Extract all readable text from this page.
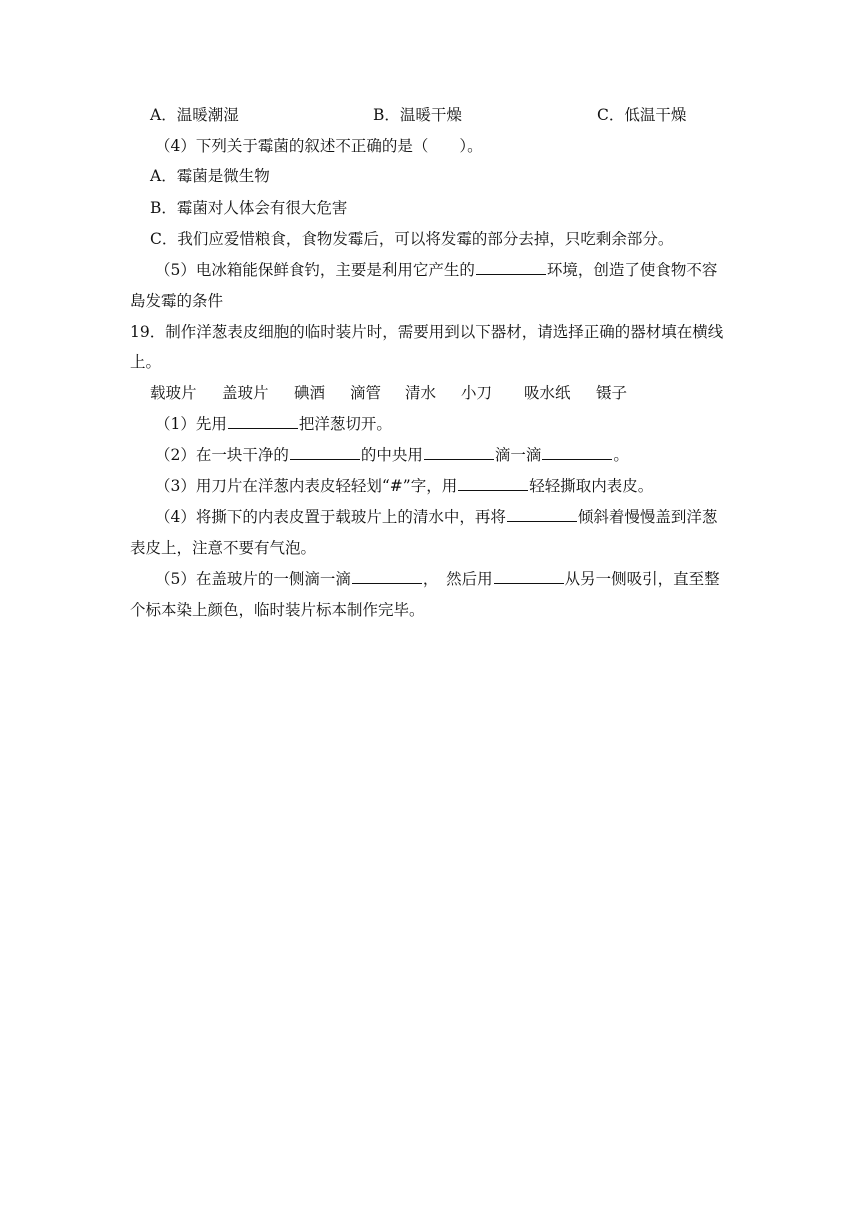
A．温暖潮湿	B．温暖干燥	C．低温干燥
（4）下列关于霉菌的叙述不正确的是（　　）。
A．霉菌是微生物
B．霉菌对人体会有很大危害
C．我们应爱惜粮食，食物发霉后，可以将发霉的部分去掉，只吃剩余部分。
（5）电冰箱能保鲜食钓，主要是利用它产生的	环境，创造了使食物不容
島发霉的条件
19．制作洋葱表皮细胞的临时装片时，需要用到以下器材，请选择正确的器材填在横线
上。
载玻片 盖玻片 碘酒 滴管 清水 小刀 吸水纸 镊子
（1）先用	把洋葱切开。
（2）在一块干净的	的中央用	滴一滴	。
（3）用刀片在洋葱内表皮轻轻划“#”字，用	轻轻撕取内表皮。
（4）将撕下的内表皮置于载玻片上的清水中，再将	倾斜着慢慢盖到洋葱
表皮上，注意不要有气泡。
（5）在盖玻片的一侧滴一滴	，　然后用	从另一侧吸引，直至整
个标本染上颜色，临时装片标本制作完毕。
